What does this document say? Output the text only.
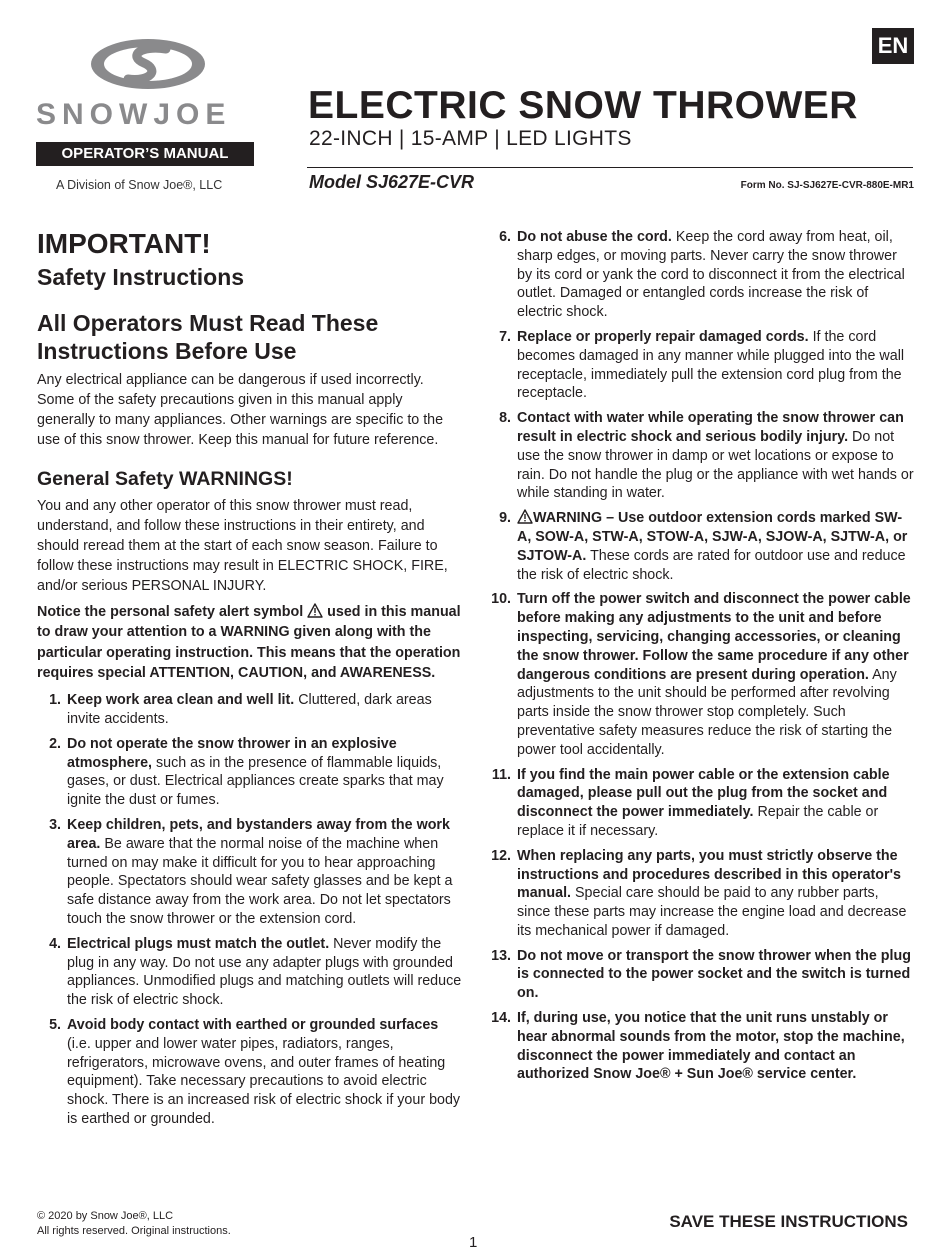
SNOWJOE
OPERATOR’S MANUAL
A Division of Snow Joe®, LLC
EN
ELECTRIC SNOW THROWER
22-INCH | 15-AMP | LED LIGHTS
Model SJ627E-CVR	Form No. SJ-SJ627E-CVR-880E-MR1
IMPORTANT!
Safety Instructions
All Operators Must Read These Instructions Before Use

Any electrical appliance can be dangerous if used incorrectly. Some of the safety precautions given in this manual apply generally to many appliances. Other warnings are specific to the use of this snow thrower. Keep this manual for future reference.

General Safety WARNINGS!

You and any other operator of this snow thrower must read, understand, and follow these instructions in their entirety, and should reread them at the start of each snow season. Failure to follow these instructions may result in ELECTRIC SHOCK, FIRE, and/or serious PERSONAL INJURY.

Notice the personal safety alert symbol used in this manual to draw your attention to a WARNING given along with the particular operating instruction. This means that the operation requires special ATTENTION, CAUTION, and AWARENESS.
1. Keep work area clean and well lit. Cluttered, dark areas invite accidents.
2. Do not operate the snow thrower in an explosive atmosphere, such as in the presence of flammable liquids, gases, or dust. Electrical appliances create sparks that may ignite the dust or fumes.
3. Keep children, pets, and bystanders away from the work area. Be aware that the normal noise of the machine when turned on may make it difficult for you to hear approaching people. Spectators should wear safety glasses and be kept a safe distance away from the work area. Do not let spectators touch the snow thrower or the extension cord.
4. Electrical plugs must match the outlet. Never modify the plug in any way. Do not use any adapter plugs with grounded appliances. Unmodified plugs and matching outlets will reduce the risk of electric shock.
5. Avoid body contact with earthed or grounded surfaces (i.e. upper and lower water pipes, radiators, ranges, refrigerators, microwave ovens, and outer frames of heating equipment). Take necessary precautions to avoid electric shock. There is an increased risk of electric shock if your body is earthed or grounded.
6. Do not abuse the cord. Keep the cord away from heat, oil, sharp edges, or moving parts. Never carry the snow thrower by its cord or yank the cord to disconnect it from the electrical outlet. Damaged or entangled cords increase the risk of electric shock.
7. Replace or properly repair damaged cords. If the cord becomes damaged in any manner while plugged into the wall receptacle, immediately pull the extension cord plug from the receptacle.
8. Contact with water while operating the snow thrower can result in electric shock and serious bodily injury. Do not use the snow thrower in damp or wet locations or expose to rain. Do not handle the plug or the appliance with wet hands or while standing in water.
9. WARNING – Use outdoor extension cords marked SW-A, SOW-A, STW-A, STOW-A, SJW-A, SJOW-A, SJTW-A, or SJTOW-A. These cords are rated for outdoor use and reduce the risk of electric shock.
10. Turn off the power switch and disconnect the power cable before making any adjustments to the unit and before inspecting, servicing, changing accessories, or cleaning the snow thrower. Follow the same procedure if any other dangerous conditions are present during operation. Any adjustments to the unit should be performed after revolving parts inside the snow thrower stop completely. Such preventative safety measures reduce the risk of starting the power tool accidentally.
11. If you find the main power cable or the extension cable damaged, please pull out the plug from the socket and disconnect the power immediately. Repair the cable or replace it if necessary.
12. When replacing any parts, you must strictly observe the instructions and procedures described in this operator's manual. Special care should be paid to any rubber parts, since these parts may increase the engine load and decrease its mechanical power if damaged.
13. Do not move or transport the snow thrower when the plug is connected to the power socket and the switch is turned on.
14. If, during use, you notice that the unit runs unstably or hear abnormal sounds from the motor, stop the machine, disconnect the power immediately and contact an authorized Snow Joe® + Sun Joe® service center.
© 2020 by Snow Joe®, LLC
All rights reserved. Original instructions.	SAVE THESE INSTRUCTIONS
1
